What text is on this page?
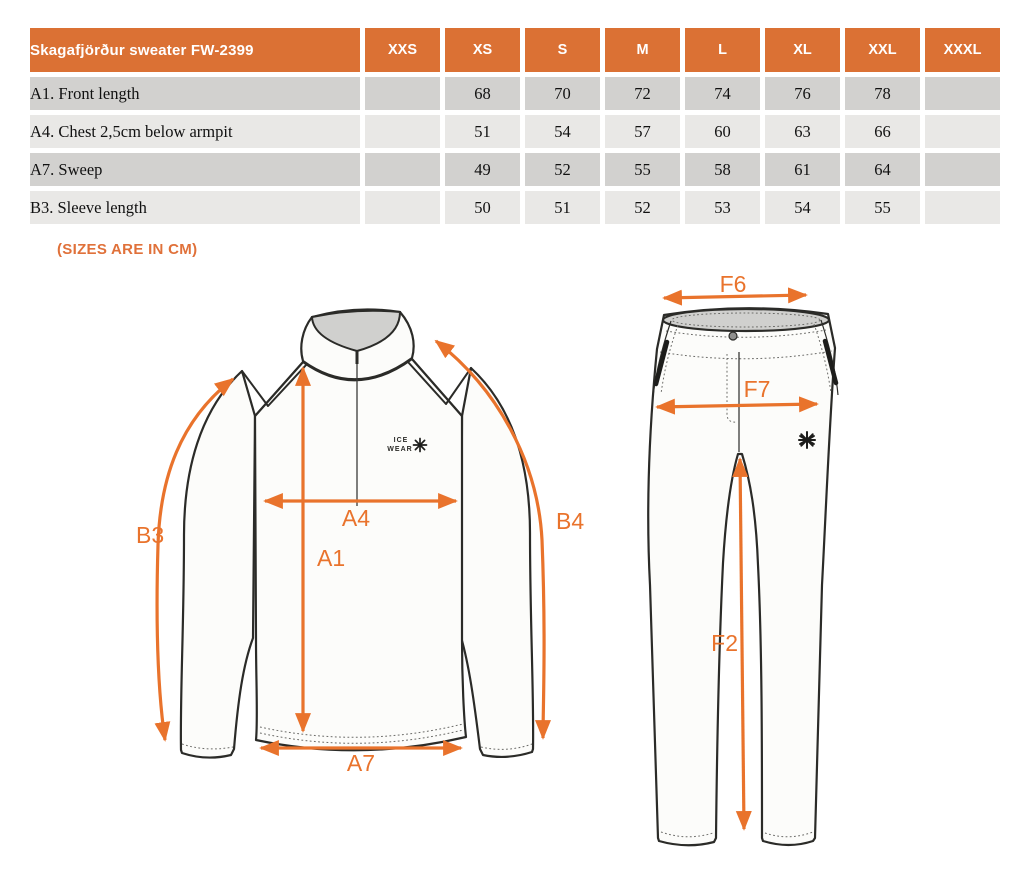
Skagafjörður sweater FW-2399	XXS	XS	S	M	L	XL	XXL	XXXL
A1. Front length		68	70	72	74	76	78	
A4. Chest 2,5cm below armpit		51	54	57	60	63	66	
A7. Sweep		49	52	55	58	61	64	
B3. Sleeve length		50	51	52	53	54	55	
(SIZES ARE IN CM)
ICE
WEAR
A1
A4
A7
B3
B4
F6
F7
F2
